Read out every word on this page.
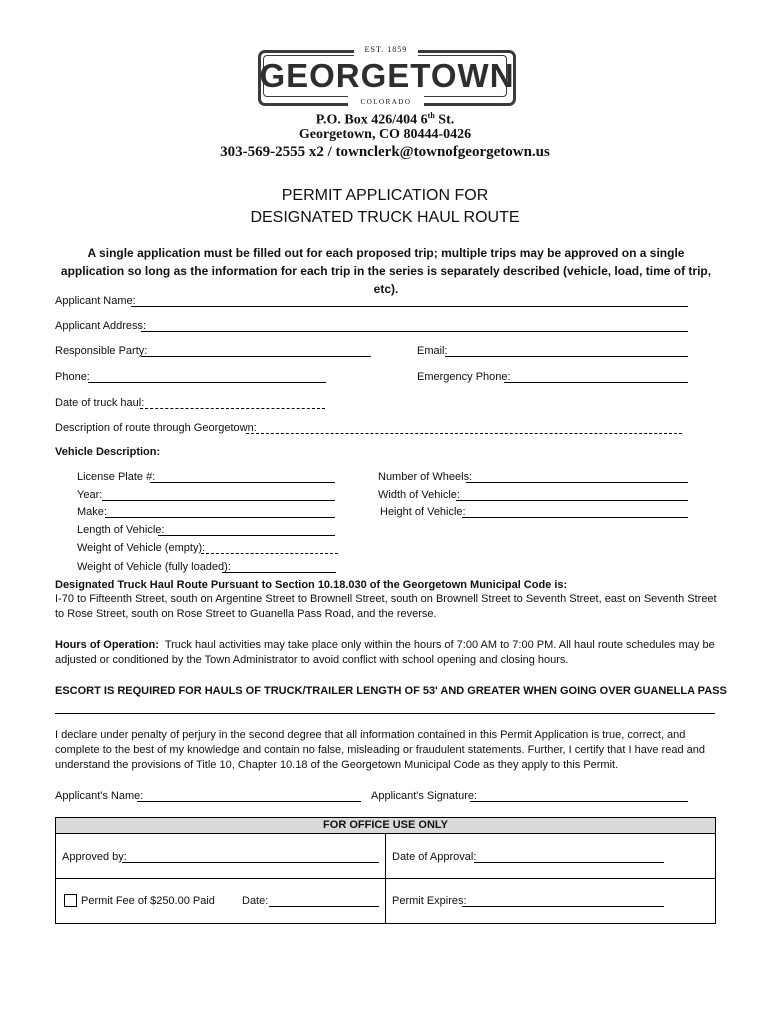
EST. 1859
GEORGETOWN
COLORADO
P.O. Box 426/404 6th St.
Georgetown, CO 80444-0426
303-569-2555 x2 / townclerk@townofgeorgetown.us
PERMIT APPLICATION FOR
DESIGNATED TRUCK HAUL ROUTE
A single application must be filled out for each proposed trip; multiple trips may be approved on a single application so long as the information for each trip in the series is separately described (vehicle, load, time of trip, etc).
Applicant Name:
Applicant Address:
Responsible Party:	Email:
Phone:	Emergency Phone:
Date of truck haul:
Description of route through Georgetown:
Vehicle Description:
License Plate #:	Number of Wheels:
Year:	Width of Vehicle:
Make:	Height of Vehicle:
Length of Vehicle:
Weight of Vehicle (empty):
Weight of Vehicle (fully loaded):
Designated Truck Haul Route Pursuant to Section 10.18.030 of the Georgetown Municipal Code is:
I-70 to Fifteenth Street, south on Argentine Street to Brownell Street, south on Brownell Street to Seventh Street, east on Seventh Street to Rose Street, south on Rose Street to Guanella Pass Road, and the reverse.
Hours of Operation: Truck haul activities may take place only within the hours of 7:00 AM to 7:00 PM. All haul route schedules may be adjusted or conditioned by the Town Administrator to avoid conflict with school opening and closing hours.
ESCORT IS REQUIRED FOR HAULS OF TRUCK/TRAILER LENGTH OF 53' AND GREATER WHEN GOING OVER GUANELLA PASS
I declare under penalty of perjury in the second degree that all information contained in this Permit Application is true, correct, and complete to the best of my knowledge and contain no false, misleading or fraudulent statements. Further, I certify that I have read and understand the provisions of Title 10, Chapter 10.18 of the Georgetown Municipal Code as they apply to this Permit.
Applicant's Name:	Applicant's Signature:
FOR OFFICE USE ONLY
Approved by:	Date of Approval:
Permit Fee of $250.00 Paid Date:	Permit Expires:
